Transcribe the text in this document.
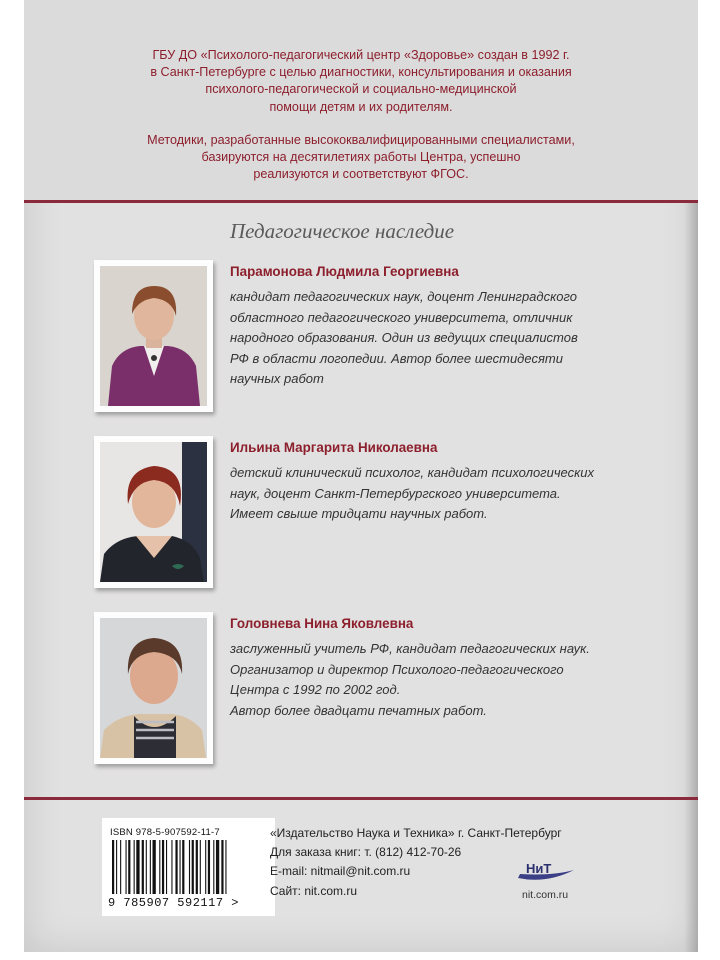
ГБУ ДО «Психолого-педагогический центр «Здоровье» создан в 1992 г.
в Санкт-Петербурге с целью диагностики, консультирования и оказания
психолого-педагогической и социально-медицинской
помощи детям и их родителям.

Методики, разработанные высококвалифицированными специалистами,
базируются на десятилетиях работы Центра, успешно
реализуются и соответствуют ФГОС.

Педагогическое наследие
Парамонова Людмила Георгиевна

кандидат педагогических наук, доцент Ленинградского
областного педагогического университета, отличник
народного образования. Один из ведущих специалистов
РФ в области логопедии. Автор более шестидесяти
научных работ

Ильина Маргарита Николаевна

детский клинический психолог, кандидат психологических
наук, доцент Санкт-Петербургского университета.
Имеет свыше тридцати научных работ.

Головнева Нина Яковлевна

заслуженный учитель РФ, кандидат педагогических наук.
Организатор и директор Психолого-педагогического
Центра с 1992 по 2002 год.
Автор более двадцати печатных работ.

ISBN 978-5-907592-11-7
9 785907 592117 >
«Издательство Наука и Техника» г. Санкт-Петербург
Для заказа книг: т. (812) 412-70-26
E-mail: nitmail@nit.com.ru
Сайт: nit.com.ru
НиТ
nit.com.ru
